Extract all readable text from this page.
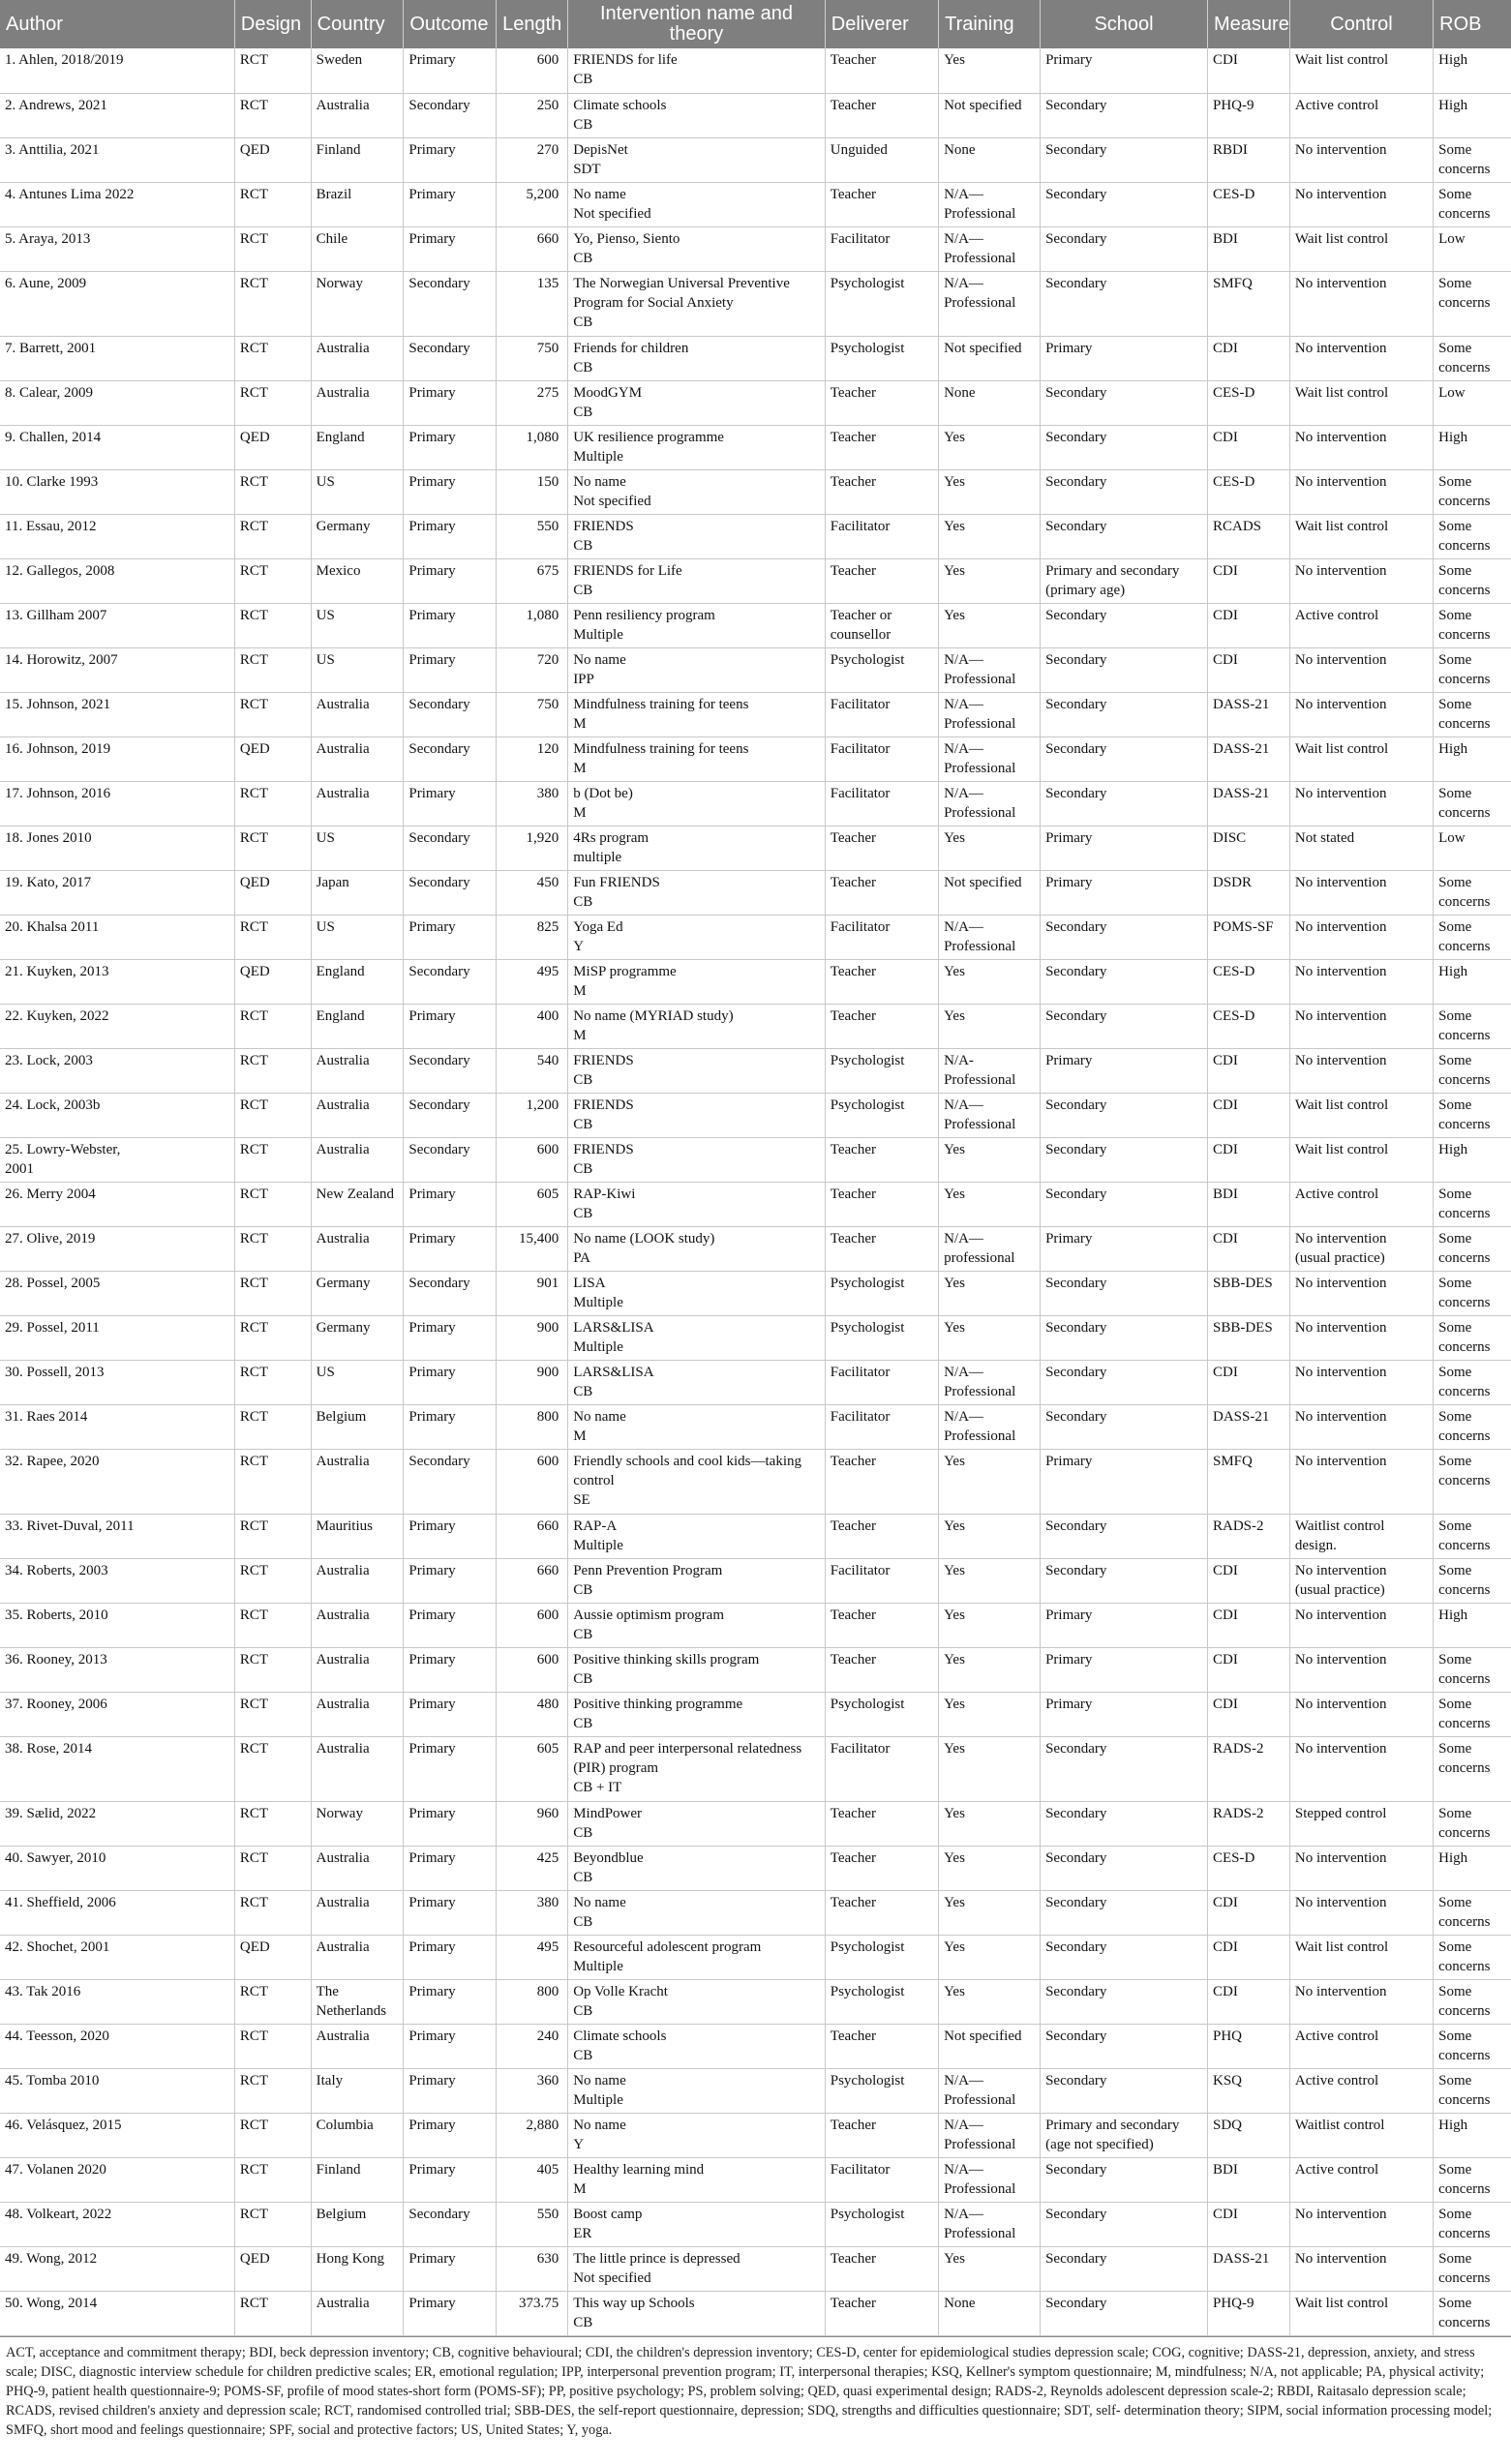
Author	Design	Country	Outcome	Length	Intervention name and theory	Deliverer	Training	School	Measure	Control	ROB
1. Ahlen, 2018/2019	RCT	Sweden	Primary	600	FRIENDS for life
CB	Teacher	Yes	Primary	CDI	Wait list control	High
2. Andrews, 2021	RCT	Australia	Secondary	250	Climate schools
CB	Teacher	Not specified	Secondary	PHQ-9	Active control	High
3. Anttilia, 2021	QED	Finland	Primary	270	DepisNet
SDT	Unguided	None	Secondary	RBDI	No intervention	Some
concerns
4. Antunes Lima 2022	RCT	Brazil	Primary	5,200	No name
Not specified	Teacher	N/A—
Professional	Secondary	CES-D	No intervention	Some
concerns
5. Araya, 2013	RCT	Chile	Primary	660	Yo, Pienso, Siento
CB	Facilitator	N/A—
Professional	Secondary	BDI	Wait list control	Low
6. Aune, 2009	RCT	Norway	Secondary	135	The Norwegian Universal Preventive
Program for Social Anxiety
CB	Psychologist	N/A—
Professional	Secondary	SMFQ	No intervention	Some
concerns
7. Barrett, 2001	RCT	Australia	Secondary	750	Friends for children
CB	Psychologist	Not specified	Primary	CDI	No intervention	Some
concerns
8. Calear, 2009	RCT	Australia	Primary	275	MoodGYM
CB	Teacher	None	Secondary	CES-D	Wait list control	Low
9. Challen, 2014	QED	England	Primary	1,080	UK resilience programme
Multiple	Teacher	Yes	Secondary	CDI	No intervention	High
10. Clarke 1993	RCT	US	Primary	150	No name
Not specified	Teacher	Yes	Secondary	CES-D	No intervention	Some
concerns
11. Essau, 2012	RCT	Germany	Primary	550	FRIENDS
CB	Facilitator	Yes	Secondary	RCADS	Wait list control	Some
concerns
12. Gallegos, 2008	RCT	Mexico	Primary	675	FRIENDS for Life
CB	Teacher	Yes	Primary and secondary
(primary age)	CDI	No intervention	Some
concerns
13. Gillham 2007	RCT	US	Primary	1,080	Penn resiliency program
Multiple	Teacher or
counsellor	Yes	Secondary	CDI	Active control	Some
concerns
14. Horowitz, 2007	RCT	US	Primary	720	No name
IPP	Psychologist	N/A—
Professional	Secondary	CDI	No intervention	Some
concerns
15. Johnson, 2021	RCT	Australia	Secondary	750	Mindfulness training for teens
M	Facilitator	N/A—
Professional	Secondary	DASS-21	No intervention	Some
concerns
16. Johnson, 2019	QED	Australia	Secondary	120	Mindfulness training for teens
M	Facilitator	N/A—
Professional	Secondary	DASS-21	Wait list control	High
17. Johnson, 2016	RCT	Australia	Primary	380	b (Dot be)
M	Facilitator	N/A—
Professional	Secondary	DASS-21	No intervention	Some
concerns
18. Jones 2010	RCT	US	Secondary	1,920	4Rs program
multiple	Teacher	Yes	Primary	DISC	Not stated	Low
19. Kato, 2017	QED	Japan	Secondary	450	Fun FRIENDS
CB	Teacher	Not specified	Primary	DSDR	No intervention	Some
concerns
20. Khalsa 2011	RCT	US	Primary	825	Yoga Ed
Y	Facilitator	N/A—
Professional	Secondary	POMS-SF	No intervention	Some
concerns
21. Kuyken, 2013	QED	England	Secondary	495	MiSP programme
M	Teacher	Yes	Secondary	CES-D	No intervention	High
22. Kuyken, 2022	RCT	England	Primary	400	No name (MYRIAD study)
M	Teacher	Yes	Secondary	CES-D	No intervention	Some
concerns
23. Lock, 2003	RCT	Australia	Secondary	540	FRIENDS
CB	Psychologist	N/A-
Professional	Primary	CDI	No intervention	Some
concerns
24. Lock, 2003b	RCT	Australia	Secondary	1,200	FRIENDS
CB	Psychologist	N/A—
Professional	Secondary	CDI	Wait list control	Some
concerns
25. Lowry-Webster,
2001	RCT	Australia	Secondary	600	FRIENDS
CB	Teacher	Yes	Secondary	CDI	Wait list control	High
26. Merry 2004	RCT	New Zealand	Primary	605	RAP-Kiwi
CB	Teacher	Yes	Secondary	BDI	Active control	Some
concerns
27. Olive, 2019	RCT	Australia	Primary	15,400	No name (LOOK study)
PA	Teacher	N/A—
professional	Primary	CDI	No intervention
(usual practice)	Some
concerns
28. Possel, 2005	RCT	Germany	Secondary	901	LISA
Multiple	Psychologist	Yes	Secondary	SBB-DES	No intervention	Some
concerns
29. Possel, 2011	RCT	Germany	Primary	900	LARS&LISA
Multiple	Psychologist	Yes	Secondary	SBB-DES	No intervention	Some
concerns
30. Possell, 2013	RCT	US	Primary	900	LARS&LISA
CB	Facilitator	N/A—
Professional	Secondary	CDI	No intervention	Some
concerns
31. Raes 2014	RCT	Belgium	Primary	800	No name
M	Facilitator	N/A—
Professional	Secondary	DASS-21	No intervention	Some
concerns
32. Rapee, 2020	RCT	Australia	Secondary	600	Friendly schools and cool kids—taking
control
SE	Teacher	Yes	Primary	SMFQ	No intervention	Some
concerns
33. Rivet-Duval, 2011	RCT	Mauritius	Primary	660	RAP-A
Multiple	Teacher	Yes	Secondary	RADS-2	Waitlist control
design.	Some
concerns
34. Roberts, 2003	RCT	Australia	Primary	660	Penn Prevention Program
CB	Facilitator	Yes	Secondary	CDI	No intervention
(usual practice)	Some
concerns
35. Roberts, 2010	RCT	Australia	Primary	600	Aussie optimism program
CB	Teacher	Yes	Primary	CDI	No intervention	High
36. Rooney, 2013	RCT	Australia	Primary	600	Positive thinking skills program
CB	Teacher	Yes	Primary	CDI	No intervention	Some
concerns
37. Rooney, 2006	RCT	Australia	Primary	480	Positive thinking programme
CB	Psychologist	Yes	Primary	CDI	No intervention	Some
concerns
38. Rose, 2014	RCT	Australia	Primary	605	RAP and peer interpersonal relatedness
(PIR) program
CB + IT	Facilitator	Yes	Secondary	RADS-2	No intervention	Some
concerns
39. Sælid, 2022	RCT	Norway	Primary	960	MindPower
CB	Teacher	Yes	Secondary	RADS-2	Stepped control	Some
concerns
40. Sawyer, 2010	RCT	Australia	Primary	425	Beyondblue
CB	Teacher	Yes	Secondary	CES-D	No intervention	High
41. Sheffield, 2006	RCT	Australia	Primary	380	No name
CB	Teacher	Yes	Secondary	CDI	No intervention	Some
concerns
42. Shochet, 2001	QED	Australia	Primary	495	Resourceful adolescent program
Multiple	Psychologist	Yes	Secondary	CDI	Wait list control	Some
concerns
43. Tak 2016	RCT	The
Netherlands	Primary	800	Op Volle Kracht
CB	Psychologist	Yes	Secondary	CDI	No intervention	Some
concerns
44. Teesson, 2020	RCT	Australia	Primary	240	Climate schools
CB	Teacher	Not specified	Secondary	PHQ	Active control	Some
concerns
45. Tomba 2010	RCT	Italy	Primary	360	No name
Multiple	Psychologist	N/A—
Professional	Secondary	KSQ	Active control	Some
concerns
46. Velásquez, 2015	RCT	Columbia	Primary	2,880	No name
Y	Teacher	N/A—
Professional	Primary and secondary
(age not specified)	SDQ	Waitlist control	High
47. Volanen 2020	RCT	Finland	Primary	405	Healthy learning mind
M	Facilitator	N/A—
Professional	Secondary	BDI	Active control	Some
concerns
48. Volkeart, 2022	RCT	Belgium	Secondary	550	Boost camp
ER	Psychologist	N/A—
Professional	Secondary	CDI	No intervention	Some
concerns
49. Wong, 2012	QED	Hong Kong	Primary	630	The little prince is depressed
Not specified	Teacher	Yes	Secondary	DASS-21	No intervention	Some
concerns
50. Wong, 2014	RCT	Australia	Primary	373.75	This way up Schools
CB	Teacher	None	Secondary	PHQ-9	Wait list control	Some
concerns
ACT, acceptance and commitment therapy; BDI, beck depression inventory; CB, cognitive behavioural; CDI, the children's depression inventory; CES-D, center for epidemiological studies depression scale; COG, cognitive; DASS-21, depression, anxiety, and stress scale; DISC, diagnostic interview schedule for children predictive scales; ER, emotional regulation; IPP, interpersonal prevention program; IT, interpersonal therapies; KSQ, Kellner's symptom questionnaire; M, mindfulness; N/A, not applicable; PA, physical activity; PHQ-9, patient health questionnaire-9; POMS-SF, profile of mood states-short form (POMS-SF); PP, positive psychology; PS, problem solving; QED, quasi experimental design; RADS-2, Reynolds adolescent depression scale-2; RBDI, Raitasalo depression scale; RCADS, revised children's anxiety and depression scale; RCT, randomised controlled trial; SBB-DES, the self-report questionnaire, depression; SDQ, strengths and difficulties questionnaire; SDT, self- determination theory; SIPM, social information processing model; SMFQ, short mood and feelings questionnaire; SPF, social and protective factors; US, United States; Y, yoga.
